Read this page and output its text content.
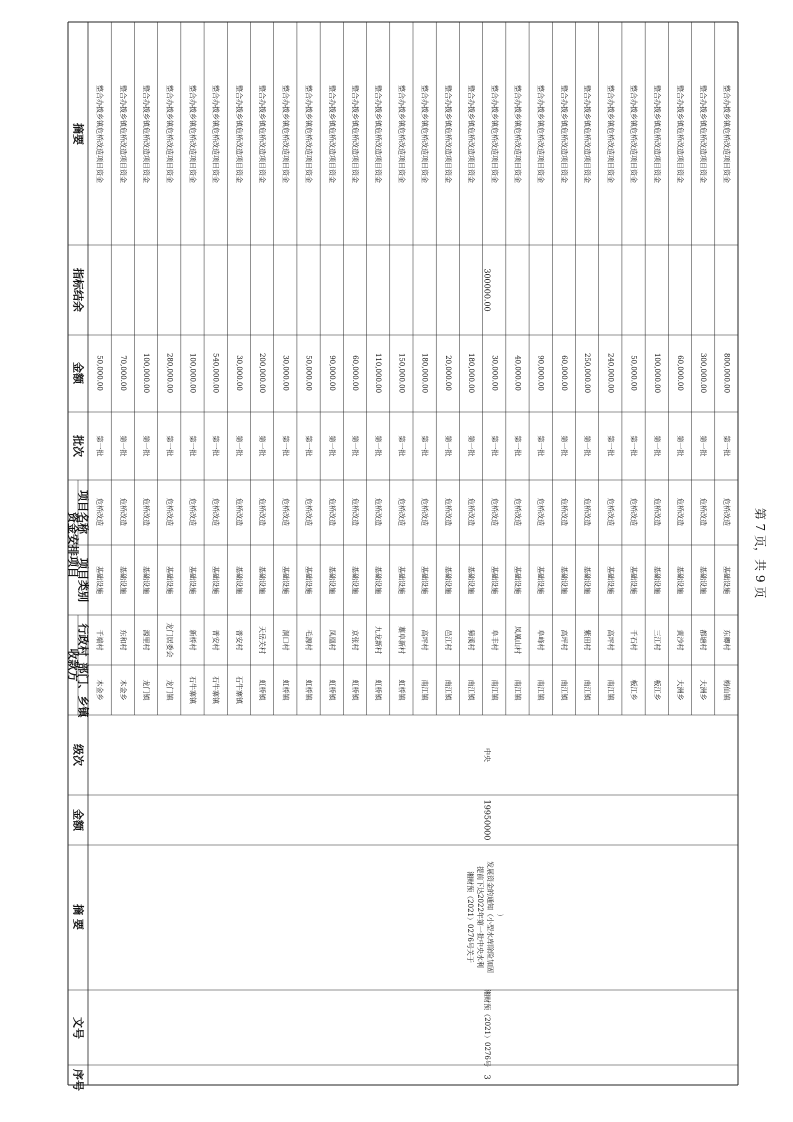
序号
文号
摘 要
金额
级次
收款方
部门、乡镇
行政村
资金安排项目
项目类别
项目名称
批次
金额
指标结余
摘要
木金乡
千端村
基础设施
危桥改造
第一批
50,000.00
整合办拨乡镇危桥改造项目资金
木金乡
东和村
基础设施
危桥改造
第一批
70,000.00
整合办拨乡镇危桥改造项目资金
龙门镇
源里村
基础设施
危桥改造
第一批
100,000.00
整合办拨乡镇危桥改造项目资金
龙门镇
龙门居委会
基础设施
危桥改造
第一批
280,000.00
整合办拨乡镇危桥改造项目资金
石牛寨镇
新桥村
基础设施
危桥改造
第一批
100,000.00
整合办拨乡镇危桥改造项目资金
石牛寨镇
普安村
基础设施
危桥改造
第一批
540,000.00
整合办拨乡镇危桥改造项目资金
石牛寨镇
普安村
基础设施
危桥改造
第一批
30,000.00
整合办拨乡镇危桥改造项目资金
虹桥镇
天岳关村
基础设施
危桥改造
第一批
200,000.00
整合办拨乡镇危桥改造项目资金
虹桥镇
洞口村
基础设施
危桥改造
第一批
30,000.00
整合办拨乡镇危桥改造项目资金
虹桥镇
毛源村
基础设施
危桥改造
第一批
50,000.00
整合办拨乡镇危桥改造项目资金
虹桥镇
凤凰村
基础设施
危桥改造
第一批
90,000.00
整合办拨乡镇危桥改造项目资金
虹桥镇
京张村
基础设施
危桥改造
第一批
60,000.00
整合办拨乡镇危桥改造项目资金
虹桥镇
九龙新村
基础设施
危桥改造
第一批
110,000.00
整合办拨乡镇危桥改造项目资金
虹桥镇
藁阜新村
基础设施
危桥改造
第一批
150,000.00
整合办拨乡镇危桥改造项目资金
南江镇
高坪村
基础设施
危桥改造
第一批
180,000.00
整合办拨乡镇危桥改造项目资金
南江镇
邑江村
基础设施
危桥改造
第一批
20,000.00
整合办拨乡镇危桥改造项目资金
南江镇
獐溪村
基础设施
危桥改造
第一批
180,000.00
整合办拨乡镇危桥改造项目资金
南江镇
阜丰村
基础设施
危桥改造
第一批
30,000.00
整合办拨乡镇危桥改造项目资金
南江镇
凤凰山村
基础设施
危桥改造
第一批
40,000.00
整合办拨乡镇危桥改造项目资金
南江镇
阜峰村
基础设施
危桥改造
第一批
90,000.00
整合办拨乡镇危桥改造项目资金
南江镇
高坪村
基础设施
危桥改造
第一批
60,000.00
整合办拨乡镇危桥改造项目资金
南江镇
紫田村
基础设施
危桥改造
第一批
250,000.00
整合办拨乡镇危桥改造项目资金
南江镇
高坪村
基础设施
危桥改造
第一批
240,000.00
整合办拨乡镇危桥改造项目资金
板江乡
千石村
基础设施
危桥改造
第一批
50,000.00
整合办拨乡镇危桥改造项目资金
板江乡
三江村
基础设施
危桥改造
第一批
100,000.00
整合办拨乡镇危桥改造项目资金
大洲乡
黄沙村
基础设施
危桥改造
第一批
60,000.00
整合办拨乡镇危桥改造项目资金
大洲乡
都塘村
基础设施
危桥改造
第一批
300,000.00
整合办拨乡镇危桥改造项目资金
梅仙镇
东卿村
基础设施
危桥改造
第一批
800,000.00
整合办拨乡镇危桥改造项目资金
3
湘财预（2021）0276号
19950000
中央
300000.00
湘财预（2021）0276号关于 提前下达2022年第一批中央水利 发展资金的通知（小型水库除险加固 ）
第 7 页，共 9 页
